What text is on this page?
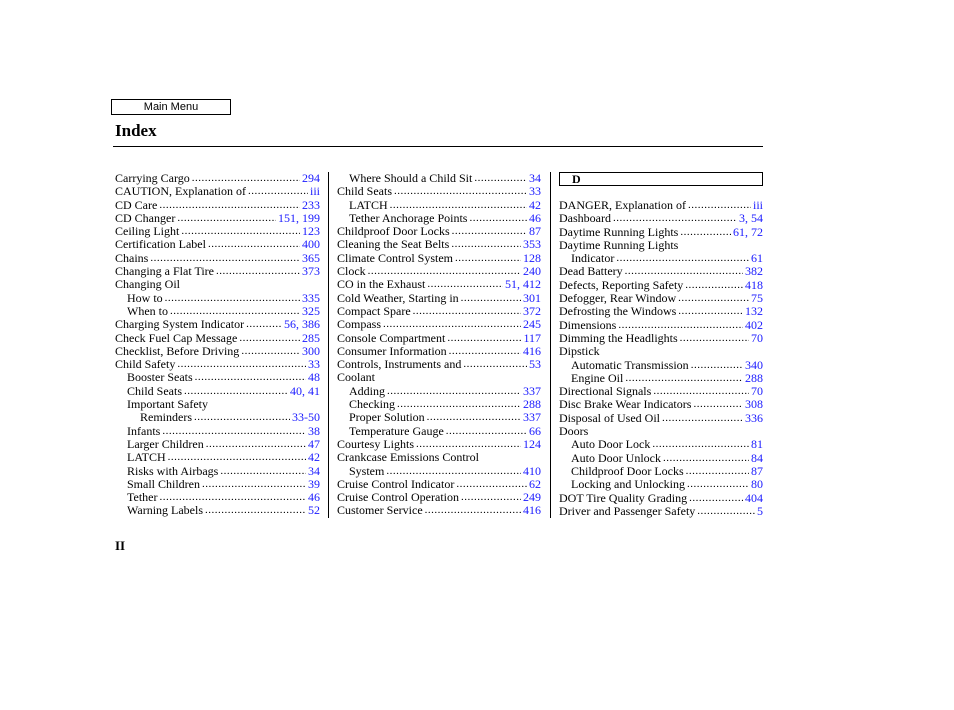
Main Menu
Index
Carrying Cargo .....	294
CAUTION, Explanation of .....	iii
CD Care .....	233
CD Changer .....	151, 199
Ceiling Light .....	123
Certification Label .....	400
Chains .....	365
Changing a Flat Tire .....	373
Changing Oil
How to .....	335
When to .....	325
Charging System Indicator .....	56, 386
Check Fuel Cap Message .....	285
Checklist, Before Driving .....	300
Child Safety .....	33
Booster Seats .....	48
Child Seats .....	40, 41
Important Safety
Reminders .....	33-50
Infants .....	38
Larger Children .....	47
LATCH .....	42
Risks with Airbags .....	34
Small Children .....	39
Tether .....	46
Warning Labels .....	52
Where Should a Child Sit .....	34
Child Seats .....	33
LATCH .....	42
Tether Anchorage Points .....	46
Childproof Door Locks .....	87
Cleaning the Seat Belts .....	353
Climate Control System .....	128
Clock .....	240
CO in the Exhaust .....	51, 412
Cold Weather, Starting in .....	301
Compact Spare .....	372
Compass .....	245
Console Compartment .....	117
Consumer Information .....	416
Controls, Instruments and .....	53
Coolant
Adding .....	337
Checking .....	288
Proper Solution .....	337
Temperature Gauge .....	66
Courtesy Lights .....	124
Crankcase Emissions Control
System .....	410
Cruise Control Indicator .....	62
Cruise Control Operation .....	249
Customer Service .....	416
D
DANGER, Explanation of .....	iii
Dashboard .....	3, 54
Daytime Running Lights .....	61, 72
Daytime Running Lights
Indicator .....	61
Dead Battery .....	382
Defects, Reporting Safety .....	418
Defogger, Rear Window .....	75
Defrosting the Windows .....	132
Dimensions .....	402
Dimming the Headlights .....	70
Dipstick
Automatic Transmission .....	340
Engine Oil .....	288
Directional Signals .....	70
Disc Brake Wear Indicators .....	308
Disposal of Used Oil .....	336
Doors
Auto Door Lock .....	81
Auto Door Unlock .....	84
Childproof Door Locks .....	87
Locking and Unlocking .....	80
DOT Tire Quality Grading .....	404
Driver and Passenger Safety .....	5
II
